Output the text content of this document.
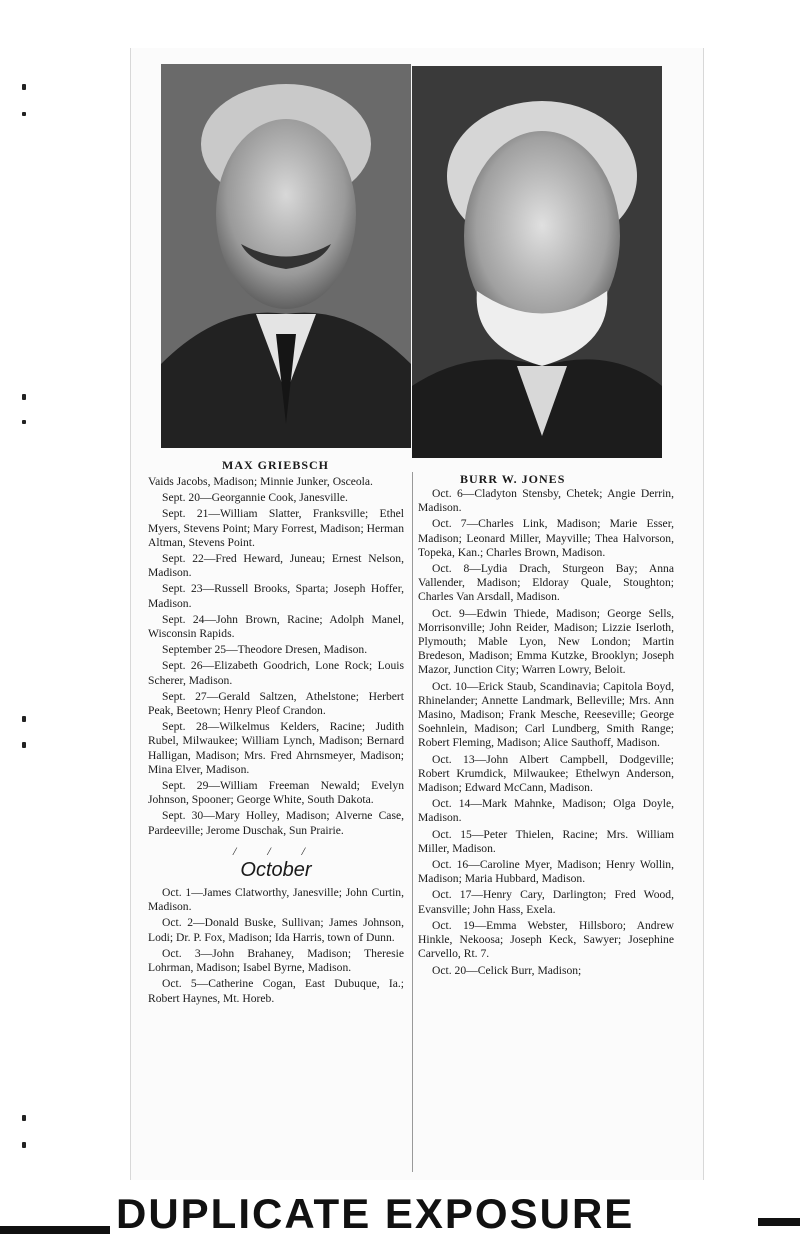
MAX GRIEBSCH
BURR W. JONES

Vaids Jacobs, Madison; Minnie Junker, Osceola.

Sept. 20—Georgannie Cook, Janesville.

Sept. 21—William Slatter, Franksville; Ethel Myers, Stevens Point; Mary Forrest, Madison; Herman Altman, Stevens Point.

Sept. 22—Fred Heward, Juneau; Ernest Nelson, Madison.

Sept. 23—Russell Brooks, Sparta; Joseph Hoffer, Madison.

Sept. 24—John Brown, Racine; Adolph Manel, Wisconsin Rapids.

September 25—Theodore Dresen, Madison.

Sept. 26—Elizabeth Goodrich, Lone Rock; Louis Scherer, Madison.

Sept. 27—Gerald Saltzen, Athelstone; Herbert Peak, Beetown; Henry Pleof Crandon.

Sept. 28—Wilkelmus Kelders, Racine; Judith Rubel, Milwaukee; William Lynch, Madison; Bernard Halligan, Madison; Mrs. Fred Ahrnsmeyer, Madison; Mina Elver, Madison.

Sept. 29—William Freeman Newald; Evelyn Johnson, Spooner; George White, South Dakota.

Sept. 30—Mary Holley, Madison; Alverne Case, Pardeeville; Jerome Duschak, Sun Prairie.

/ / /
October

Oct. 1—James Clatworthy, Janesville; John Curtin, Madison.

Oct. 2—Donald Buske, Sullivan; James Johnson, Lodi; Dr. P. Fox, Madison; Ida Harris, town of Dunn.

Oct. 3—John Brahaney, Madison; Theresie Lohrman, Madison; Isabel Byrne, Madison.

Oct. 5—Catherine Cogan, East Dubuque, Ia.; Robert Haynes, Mt. Horeb.

Oct. 6—Cladyton Stensby, Chetek; Angie Derrin, Madison.

Oct. 7—Charles Link, Madison; Marie Esser, Madison; Leonard Miller, Mayville; Thea Halvorson, Topeka, Kan.; Charles Brown, Madison.

Oct. 8—Lydia Drach, Sturgeon Bay; Anna Vallender, Madison; Eldoray Quale, Stoughton; Charles Van Arsdall, Madison.

Oct. 9—Edwin Thiede, Madison; George Sells, Morrisonville; John Reider, Madison; Lizzie Iserloth, Plymouth; Mable Lyon, New London; Martin Bredeson, Madison; Emma Kutzke, Brooklyn; Joseph Mazor, Junction City; Warren Lowry, Beloit.

Oct. 10—Erick Staub, Scandinavia; Capitola Boyd, Rhinelander; Annette Landmark, Belleville; Mrs. Ann Masino, Madison; Frank Mesche, Reeseville; George Soehnlein, Madison; Carl Lundberg, Smith Range; Robert Fleming, Madison; Alice Sauthoff, Madison.

Oct. 13—John Albert Campbell, Dodgeville; Robert Krumdick, Milwaukee; Ethelwyn Anderson, Madison; Edward McCann, Madison.

Oct. 14—Mark Mahnke, Madison; Olga Doyle, Madison.

Oct. 15—Peter Thielen, Racine; Mrs. William Miller, Madison.

Oct. 16—Caroline Myer, Madison; Henry Wollin, Madison; Maria Hubbard, Madison.

Oct. 17—Henry Cary, Darlington; Fred Wood, Evansville; John Hass, Exela.

Oct. 19—Emma Webster, Hillsboro; Andrew Hinkle, Nekoosa; Joseph Keck, Sawyer; Josephine Carvello, Rt. 7.

Oct. 20—Celick Burr, Madison;

DUPLICATE EXPOSURE
